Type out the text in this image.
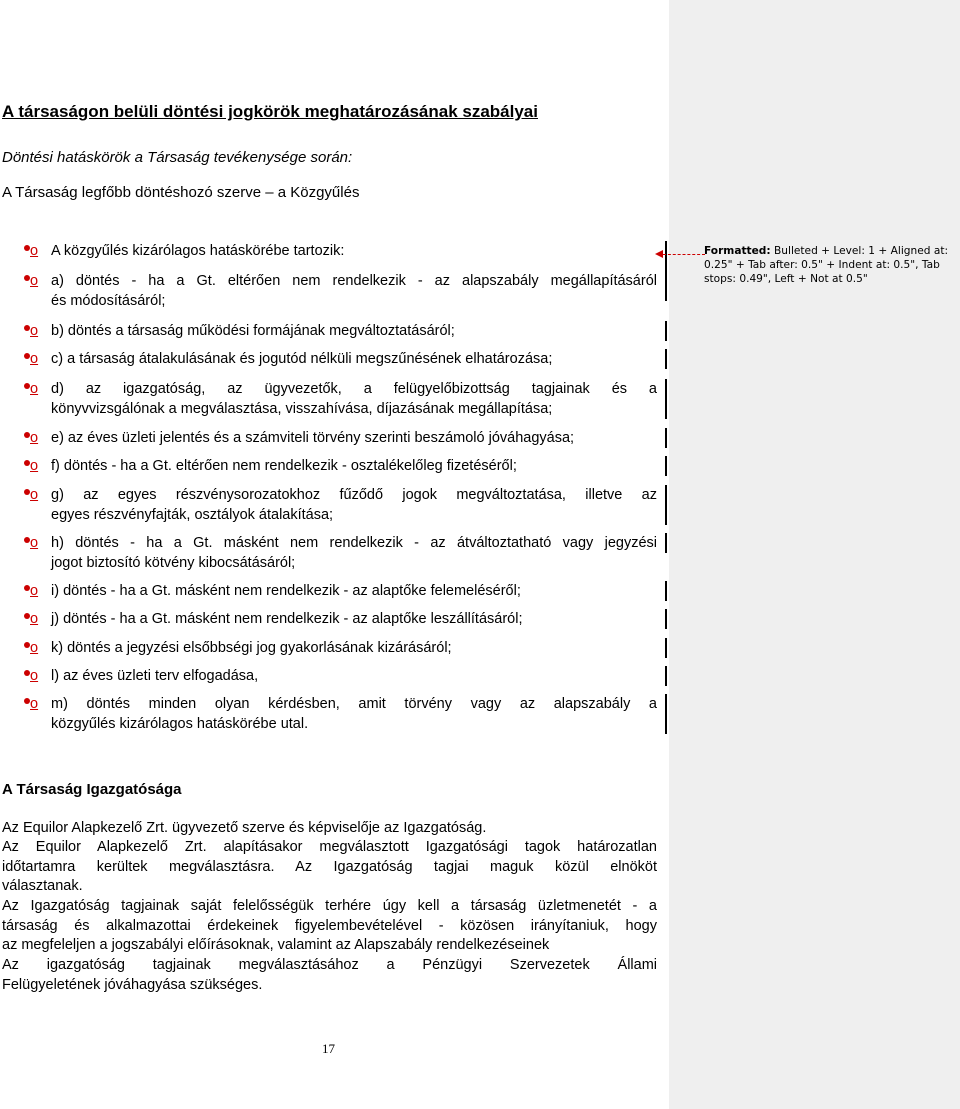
A társaságon belüli döntési jogkörök meghatározásának szabályai
Döntési hatáskörök a Társaság tevékenysége során:
A Társaság legfőbb döntéshozó szerve – a Közgyűlés
o A közgyűlés kizárólagos hatáskörébe tartozik:
o a) döntés - ha a Gt. eltérően nem rendelkezik - az alapszabály megállapításáról
és módosításáról;
o b) döntés a társaság működési formájának megváltoztatásáról;
o c) a társaság átalakulásának és jogutód nélküli megszűnésének elhatározása;
o d) az igazgatóság, az ügyvezetők, a felügyelőbizottság tagjainak és a
könyvvizsgálónak a megválasztása, visszahívása, díjazásának megállapítása;
o e) az éves üzleti jelentés és a számviteli törvény szerinti beszámoló jóváhagyása;
o f) döntés - ha a Gt. eltérően nem rendelkezik - osztalékelőleg fizetéséről;
o g) az egyes részvénysorozatokhoz fűződő jogok megváltoztatása, illetve az
egyes részvényfajták, osztályok átalakítása;
o h) döntés - ha a Gt. másként nem rendelkezik - az átváltoztatható vagy jegyzési
jogot biztosító kötvény kibocsátásáról;
o i) döntés - ha a Gt. másként nem rendelkezik - az alaptőke felemeléséről;
o j) döntés - ha a Gt. másként nem rendelkezik - az alaptőke leszállításáról;
o k) döntés a jegyzési elsőbbségi jog gyakorlásának kizárásáról;
o l) az éves üzleti terv elfogadása,
o m) döntés minden olyan kérdésben, amit törvény vagy az alapszabály a
közgyűlés kizárólagos hatáskörébe utal.
A Társaság Igazgatósága
Az Equilor Alapkezelő Zrt. ügyvezető szerve és képviselője az Igazgatóság.
Az Equilor Alapkezelő Zrt. alapításakor megválasztott Igazgatósági tagok határozatlan
időtartamra kerültek megválasztásra. Az Igazgatóság tagjai maguk közül elnököt
választanak.
Az Igazgatóság tagjainak saját felelősségük terhére úgy kell a társaság üzletmenetét - a
társaság és alkalmazottai érdekeinek figyelembevételével - közösen irányítaniuk, hogy
az megfeleljen a jogszabályi előírásoknak, valamint az Alapszabály rendelkezéseinek
Az igazgatóság tagjainak megválasztásához a Pénzügyi Szervezetek Állami
Felügyeletének jóváhagyása szükséges.
17
Formatted: Bulleted + Level: 1 + Aligned at: 0.25" + Tab after: 0.5" + Indent at: 0.5", Tab stops: 0.49", Left + Not at 0.5"
